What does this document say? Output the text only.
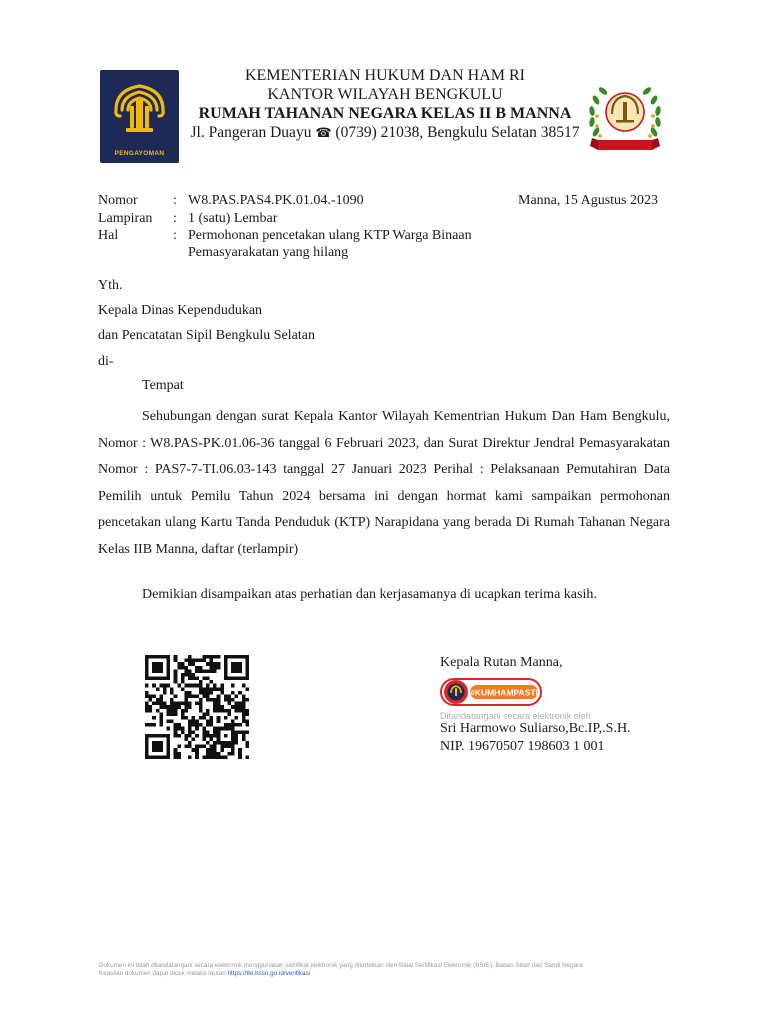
PENGAYOMAN
KEMENTERIAN HUKUM DAN HAM RI
KANTOR WILAYAH BENGKULU
RUMAH TAHANAN NEGARA KELAS II B MANNA
Jl. Pangeran Duayu ☎ (0739) 21038, Bengkulu Selatan 38517
Nomor	: W8.PAS.PAS4.PK.01.04.-1090	Manna, 15 Agustus 2023
Lampiran : 1 (satu) Lembar
Hal	: Permohonan pencetakan ulang KTP Warga Binaan
Pemasyarakatan yang hilang
Yth.
Kepala Dinas Kependudukan
dan Pencatatan Sipil Bengkulu Selatan
di-
Tempat
Sehubungan dengan surat Kepala Kantor Wilayah Kementrian Hukum Dan Ham Bengkulu, Nomor : W8.PAS-PK.01.06-36 tanggal 6 Februari 2023, dan Surat Direktur Jendral Pemasyarakatan Nomor : PAS7-7-TI.06.03-143 tanggal 27 Januari 2023 Perihal : Pelaksanaan Pemutahiran Data Pemilih untuk Pemilu Tahun 2024 bersama ini dengan hormat kami sampaikan permohonan pencetakan ulang Kartu Tanda Penduduk (KTP) Narapidana yang berada Di Rumah Tahanan Negara Kelas IIB Manna, daftar (terlampir)
Demikian disampaikan atas perhatian dan kerjasamanya di ucapkan terima kasih.
Kepala Rutan Manna,
#KUMHAMPASTI
Ditandatangani secara elektronik oleh
Sri Harmowo Suliarso,Bc.IP,.S.H.
NIP. 19670507 198603 1 001
Dokumen ini telah ditandatangani secara elektronik menggunakan sertifikat elektronik yang diterbitkan oleh Balai Sertifikasi Elektronik (BSrE), Badan Siber dan Sandi Negara
Keaslian dokumen dapat dicek melalui tautan https://tte.bssn.go.id/verifikasi
